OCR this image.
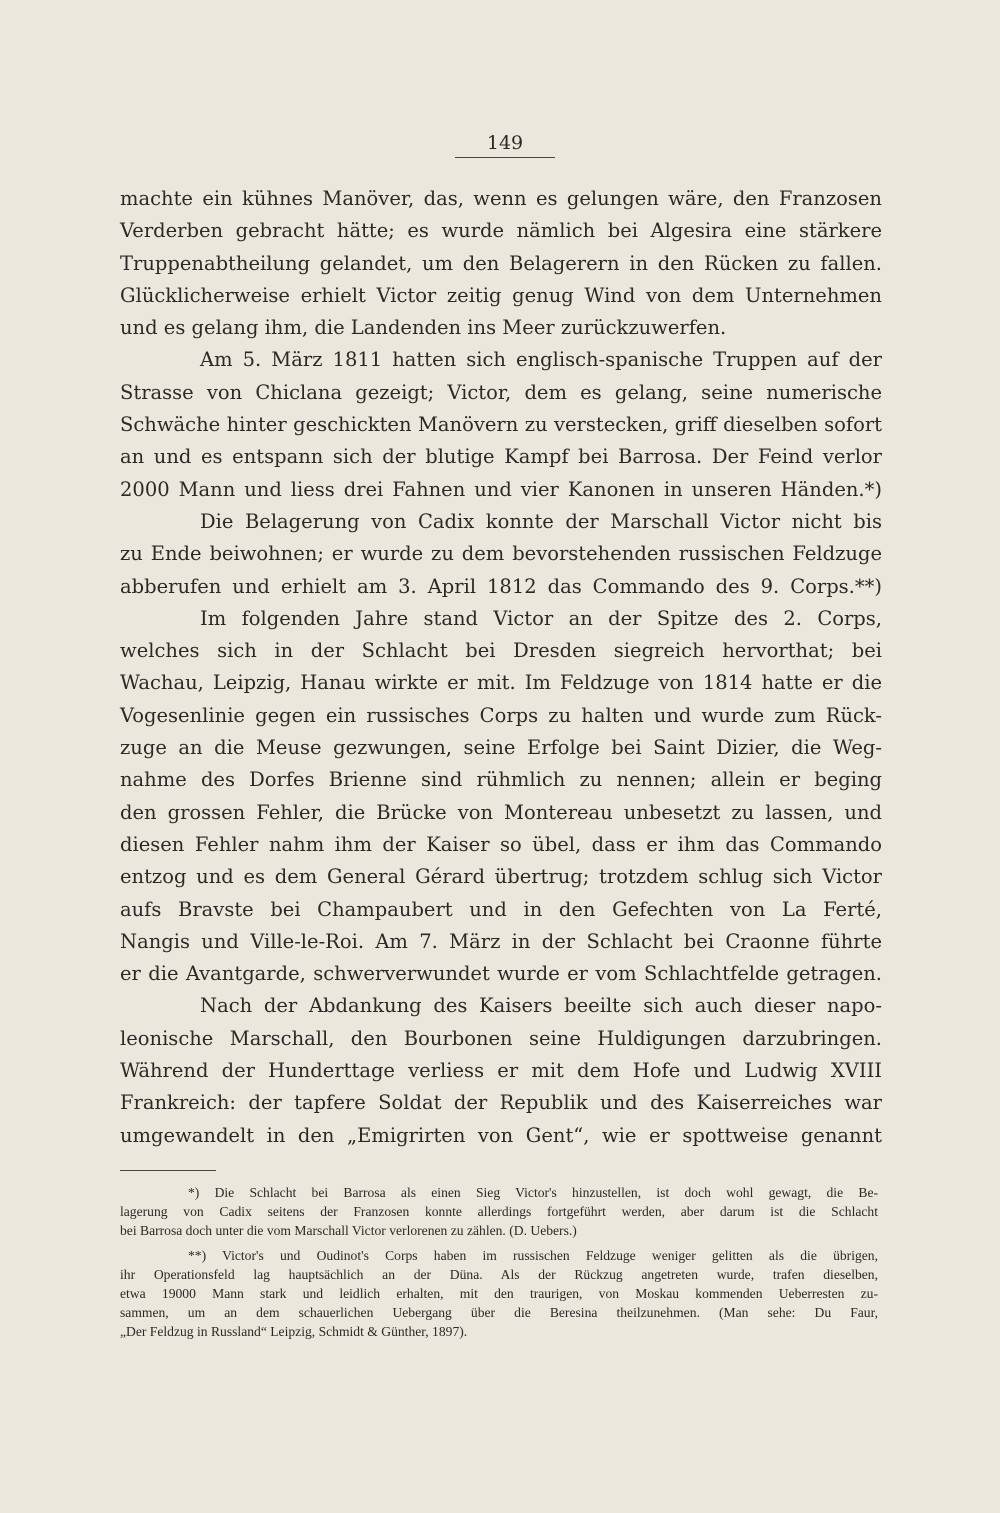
149

machte ein kühnes Manöver, das, wenn es gelungen wäre, den Franzosen
Verderben gebracht hätte; es wurde nämlich bei Algesira eine stärkere
Truppenabtheilung gelandet, um den Belagerern in den Rücken zu fallen.
Glücklicherweise erhielt Victor zeitig genug Wind von dem Unternehmen
und es gelang ihm, die Landenden ins Meer zurückzuwerfen.

Am 5. März 1811 hatten sich englisch-spanische Truppen auf der
Strasse von Chiclana gezeigt; Victor, dem es gelang, seine numerische
Schwäche hinter geschickten Manövern zu verstecken, griff dieselben sofort
an und es entspann sich der blutige Kampf bei Barrosa. Der Feind verlor
2000 Mann und liess drei Fahnen und vier Kanonen in unseren Händen.*)

Die Belagerung von Cadix konnte der Marschall Victor nicht bis
zu Ende beiwohnen; er wurde zu dem bevorstehenden russischen Feldzuge
abberufen und erhielt am 3. April 1812 das Commando des 9. Corps.**)

Im folgenden Jahre stand Victor an der Spitze des 2. Corps,
welches sich in der Schlacht bei Dresden siegreich hervorthat; bei
Wachau, Leipzig, Hanau wirkte er mit. Im Feldzuge von 1814 hatte er die
Vogesenlinie gegen ein russisches Corps zu halten und wurde zum Rück-
zuge an die Meuse gezwungen, seine Erfolge bei Saint Dizier, die Weg-
nahme des Dorfes Brienne sind rühmlich zu nennen; allein er beging
den grossen Fehler, die Brücke von Montereau unbesetzt zu lassen, und
diesen Fehler nahm ihm der Kaiser so übel, dass er ihm das Commando
entzog und es dem General Gérard übertrug; trotzdem schlug sich Victor
aufs Bravste bei Champaubert und in den Gefechten von La Ferté,
Nangis und Ville-le-Roi. Am 7. März in der Schlacht bei Craonne führte
er die Avantgarde, schwerverwundet wurde er vom Schlachtfelde getragen.

Nach der Abdankung des Kaisers beeilte sich auch dieser napo-
leonische Marschall, den Bourbonen seine Huldigungen darzubringen.
Während der Hunderttage verliess er mit dem Hofe und Ludwig XVIII
Frankreich: der tapfere Soldat der Republik und des Kaiserreiches war
umgewandelt in den „Emigrirten von Gent“, wie er spottweise genannt

*) Die Schlacht bei Barrosa als einen Sieg Victor's hinzustellen, ist doch wohl gewagt, die Be-
lagerung von Cadix seitens der Franzosen konnte allerdings fortgeführt werden, aber darum ist die Schlacht
bei Barrosa doch unter die vom Marschall Victor verlorenen zu zählen. (D. Uebers.)
**) Victor's und Oudinot's Corps haben im russischen Feldzuge weniger gelitten als die übrigen,
ihr Operationsfeld lag hauptsächlich an der Düna. Als der Rückzug angetreten wurde, trafen dieselben,
etwa 19000 Mann stark und leidlich erhalten, mit den traurigen, von Moskau kommenden Ueberresten zu-
sammen, um an dem schauerlichen Uebergang über die Beresina theilzunehmen. (Man sehe: Du Faur,
„Der Feldzug in Russland“ Leipzig, Schmidt & Günther, 1897).
